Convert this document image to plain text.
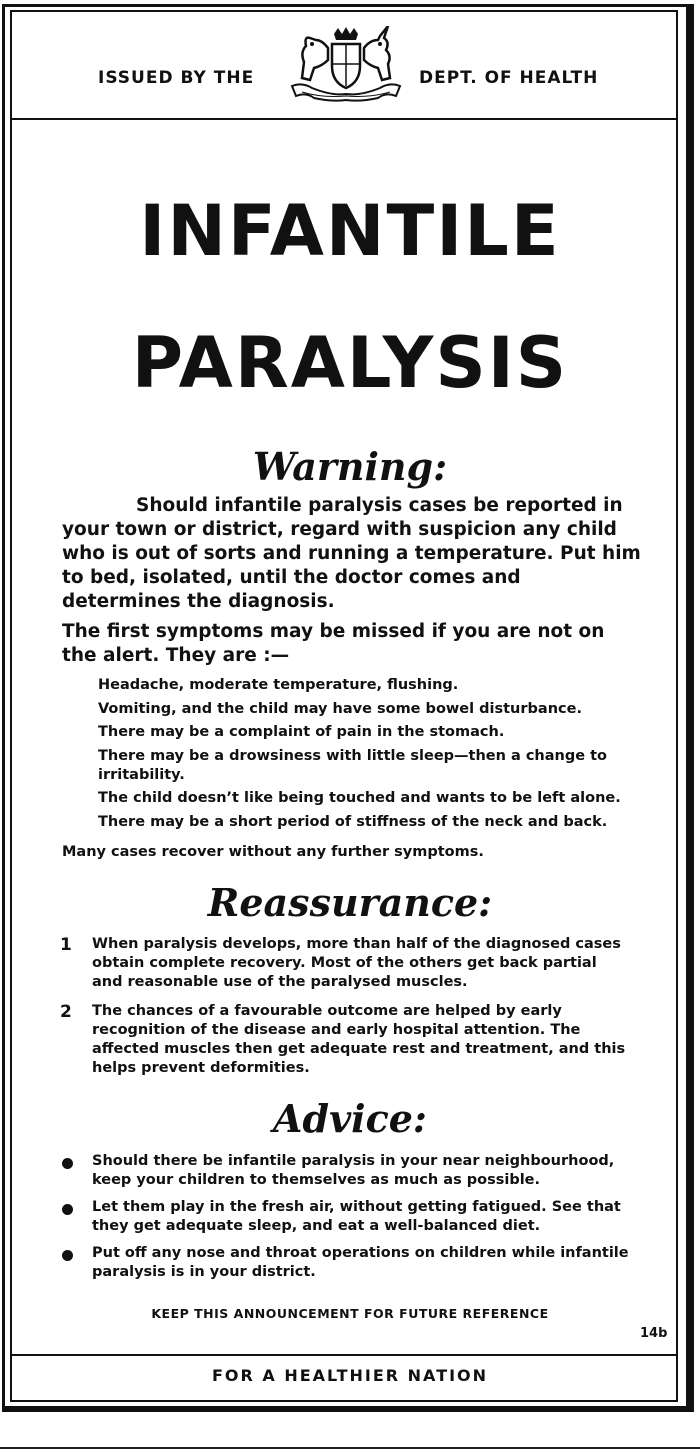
ISSUED BY THE	DEPT. OF HEALTH
INFANTILE
PARALYSIS
Warning:
Should infantile paralysis cases be reported in your town or district, regard with suspicion any child who is out of sorts and running a temperature. Put him to bed, isolated, until the doctor comes and determines the diagnosis.
The first symptoms may be missed if you are not on the alert. They are :—
Headache, moderate temperature, flushing.
Vomiting, and the child may have some bowel disturbance.
There may be a complaint of pain in the stomach.
There may be a drowsiness with little sleep—then a change to irritability.
The child doesn’t like being touched and wants to be left alone.
There may be a short period of stiffness of the neck and back.
Many cases recover without any further symptoms.
Reassurance:
1 When paralysis develops, more than half of the diagnosed cases obtain complete recovery. Most of the others get back partial and reasonable use of the paralysed muscles.
2 The chances of a favourable outcome are helped by early recognition of the disease and early hospital attention. The affected muscles then get adequate rest and treatment, and this helps prevent deformities.
Advice:
Should there be infantile paralysis in your near neighbourhood, keep your children to themselves as much as possible.
Let them play in the fresh air, without getting fatigued. See that they get adequate sleep, and eat a well-balanced diet.
Put off any nose and throat operations on children while infantile paralysis is in your district.
KEEP THIS ANNOUNCEMENT FOR FUTURE REFERENCE
14b
FOR A HEALTHIER NATION
